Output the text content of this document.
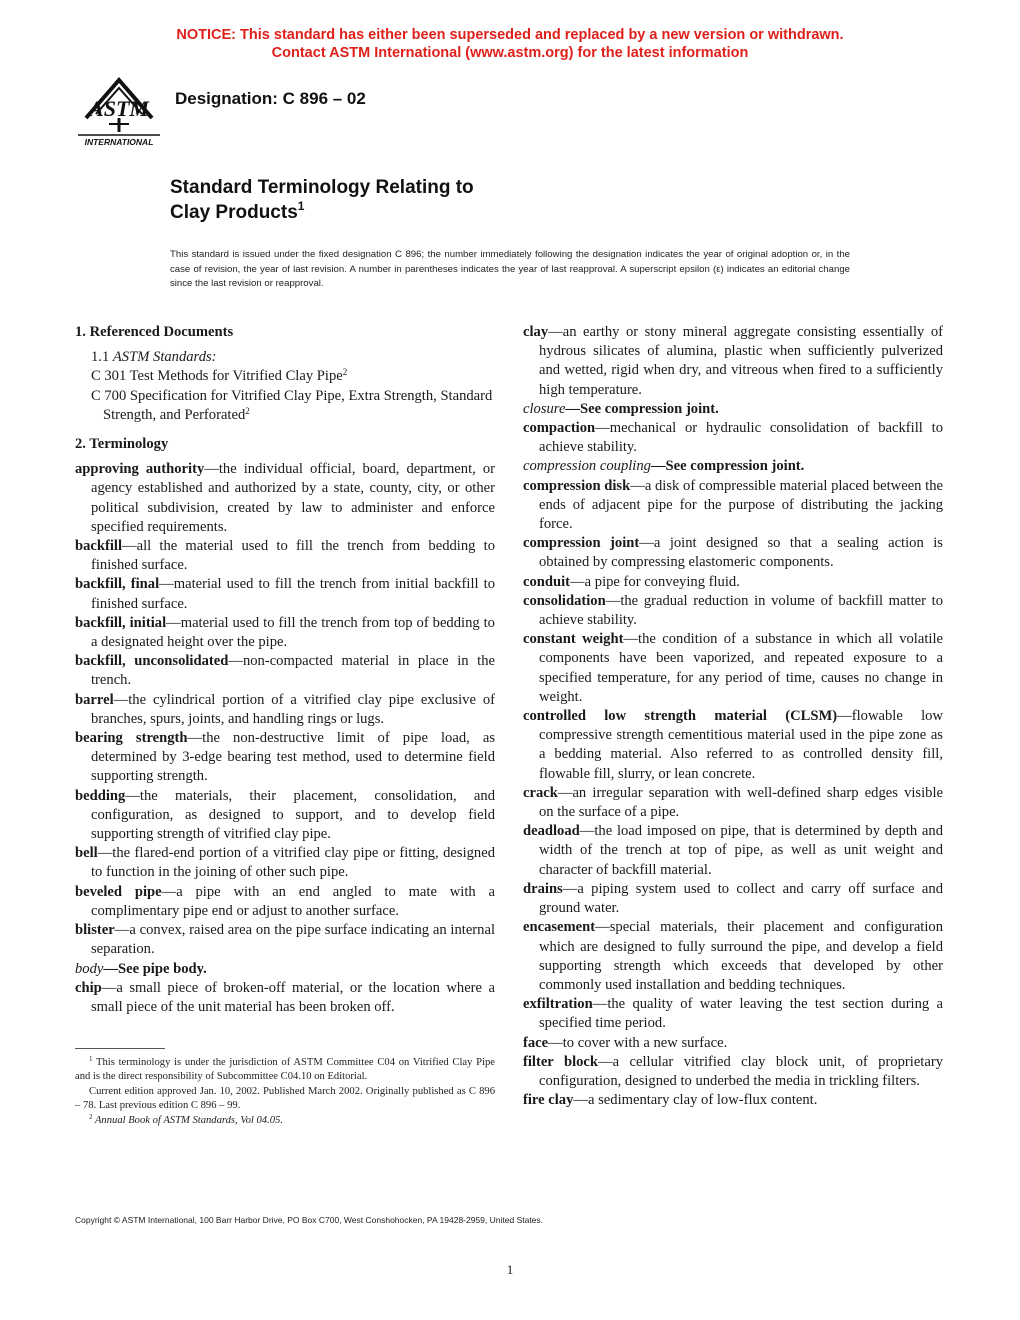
NOTICE: This standard has either been superseded and replaced by a new version or withdrawn.
Contact ASTM International (www.astm.org) for the latest information
ASTM
INTERNATIONAL
Designation: C 896 – 02
Standard Terminology Relating to
Clay Products$^1$
This standard is issued under the fixed designation C 896; the number immediately following the designation indicates the year of original adoption or, in the case of revision, the year of last revision. A number in parentheses indicates the year of last reapproval. A superscript epsilon (ε) indicates an editorial change since the last revision or reapproval.

1. Referenced Documents

1.1 ASTM Standards:

C 301 Test Methods for Vitrified Clay Pipe$^2$

C 700 Specification for Vitrified Clay Pipe, Extra Strength, Standard Strength, and Perforated$^2$

2. Terminology

approving authority—the individual official, board, department, or agency established and authorized by a state, county, city, or other political subdivision, created by law to administer and enforce specified requirements.

backfill—all the material used to fill the trench from bedding to finished surface.

backfill, final—material used to fill the trench from initial backfill to finished surface.

backfill, initial—material used to fill the trench from top of bedding to a designated height over the pipe.

backfill, unconsolidated—non-compacted material in place in the trench.

barrel—the cylindrical portion of a vitrified clay pipe exclusive of branches, spurs, joints, and handling rings or lugs.

bearing strength—the non-destructive limit of pipe load, as determined by 3-edge bearing test method, used to determine field supporting strength.

bedding—the materials, their placement, consolidation, and configuration, as designed to support, and to develop field supporting strength of vitrified clay pipe.

bell—the flared-end portion of a vitrified clay pipe or fitting, designed to function in the joining of other such pipe.

beveled pipe—a pipe with an end angled to mate with a complimentary pipe end or adjust to another surface.

blister—a convex, raised area on the pipe surface indicating an internal separation.

body—See pipe body.

chip—a small piece of broken-off material, or the location where a small piece of the unit material has been broken off.

clay—an earthy or stony mineral aggregate consisting essentially of hydrous silicates of alumina, plastic when sufficiently pulverized and wetted, rigid when dry, and vitreous when fired to a sufficiently high temperature.

closure—See compression joint.

compaction—mechanical or hydraulic consolidation of backfill to achieve stability.

compression coupling—See compression joint.

compression disk—a disk of compressible material placed between the ends of adjacent pipe for the purpose of distributing the jacking force.

compression joint—a joint designed so that a sealing action is obtained by compressing elastomeric components.

conduit—a pipe for conveying fluid.

consolidation—the gradual reduction in volume of backfill matter to achieve stability.

constant weight—the condition of a substance in which all volatile components have been vaporized, and repeated exposure to a specified temperature, for any period of time, causes no change in weight.

controlled low strength material (CLSM)—flowable low compressive strength cementitious material used in the pipe zone as a bedding material. Also referred to as controlled density fill, flowable fill, slurry, or lean concrete.

crack—an irregular separation with well-defined sharp edges visible on the surface of a pipe.

deadload—the load imposed on pipe, that is determined by depth and width of the trench at top of pipe, as well as unit weight and character of backfill material.

drains—a piping system used to collect and carry off surface and ground water.

encasement—special materials, their placement and configuration which are designed to fully surround the pipe, and develop a field supporting strength which exceeds that developed by other commonly used installation and bedding techniques.

exfiltration—the quality of water leaving the test section during a specified time period.

face—to cover with a new surface.

filter block—a cellular vitrified clay block unit, of proprietary configuration, designed to underbed the media in trickling filters.

fire clay—a sedimentary clay of low-flux content.

$^1$ This terminology is under the jurisdiction of ASTM Committee C04 on Vitrified Clay Pipe and is the direct responsibility of Subcommittee C04.10 on Editorial.

Current edition approved Jan. 10, 2002. Published March 2002. Originally published as C 896 – 78. Last previous edition C 896 – 99.

$^2$ Annual Book of ASTM Standards, Vol 04.05.

Copyright © ASTM International, 100 Barr Harbor Drive, PO Box C700, West Conshohocken, PA 19428-2959, United States.
1
